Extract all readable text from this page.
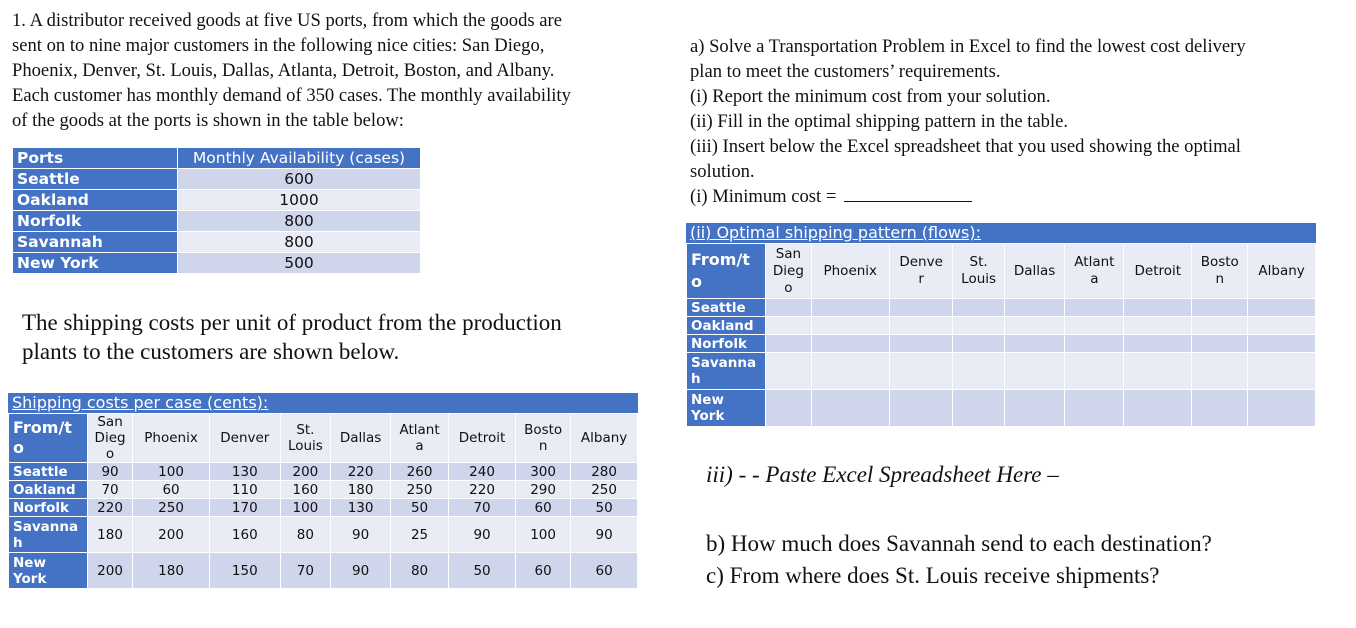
1. A distributor received goods at five US ports, from which the goods are
sent on to nine major customers in the following nice cities: San Diego,
Phoenix, Denver, St. Louis, Dallas, Atlanta, Detroit, Boston, and Albany.
Each customer has monthly demand of 350 cases. The monthly availability
of the goods at the ports is shown in the table below:
Ports	Monthly Availability (cases)
Seattle	600
Oakland	1000
Norfolk	800
Savannah	800
New York	500
The shipping costs per unit of product from the production
plants to the customers are shown below.
Shipping costs per case (cents):
From/t
o	San
Dieg
o	Phoenix	Denver	St.
Louis	Dallas	Atlant
a	Detroit	Bosto
n	Albany
Seattle	90	100	130	200	220	260	240	300	280
Oakland	70	60	110	160	180	250	220	290	250
Norfolk	220	250	170	100	130	50	70	60	50
Savanna
h	180	200	160	80	90	25	90	100	90
New
York	200	180	150	70	90	80	50	60	60
a) Solve a Transportation Problem in Excel to find the lowest cost delivery
plan to meet the customers’ requirements.
(i) Report the minimum cost from your solution.
(ii) Fill in the optimal shipping pattern in the table.
(iii) Insert below the Excel spreadsheet that you used showing the optimal
solution.
(i) Minimum cost =
(ii) Optimal shipping pattern (flows):
From/t
o	San
Dieg
o	Phoenix	Denve
r	St.
Louis	Dallas	Atlant
a	Detroit	Bosto
n	Albany
Seattle									
Oakland									
Norfolk									
Savanna
h									
New
York									
iii) - - Paste Excel Spreadsheet Here –
b) How much does Savannah send to each destination?
c) From where does St. Louis receive shipments?
